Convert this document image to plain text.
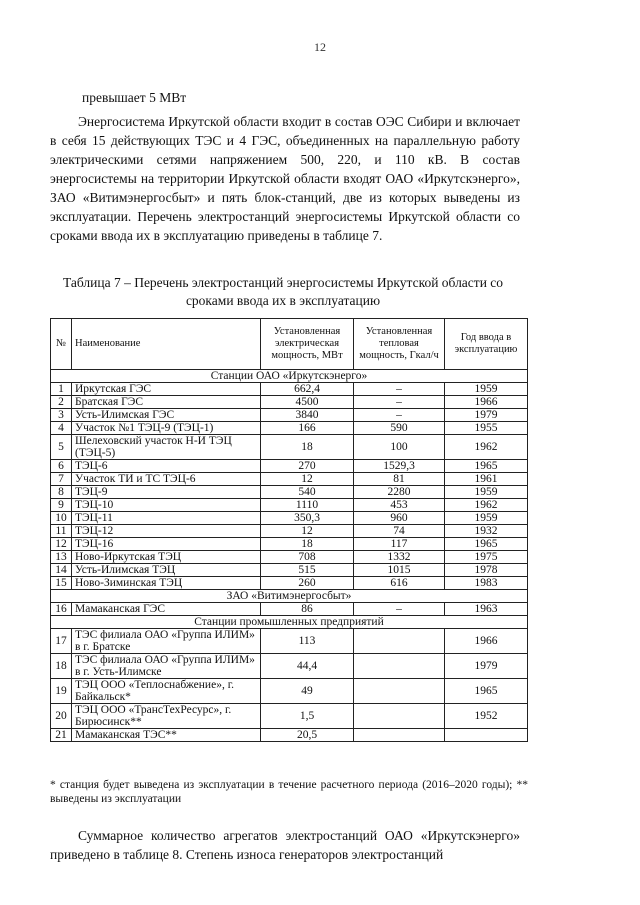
12

превышает 5 МВт

Энергосистема Иркутской области входит в состав ОЭС Сибири и включает в себя 15 действующих ТЭС и 4 ГЭС, объединенных на параллельную работу электрическими сетями напряжением 500, 220, и 110 кВ. В состав энергосистемы на территории Иркутской области входят ОАО «Иркутскэнерго», ЗАО «Витимэнергосбыт» и пять блок-станций, две из которых выведены из эксплуатации. Перечень электростанций энергосистемы Иркутской области со сроками ввода их в эксплуатацию приведены в таблице 7.

Таблица 7 – Перечень электростанций энергосистемы Иркутской области со сроками ввода их в эксплуатацию

№	Наименование	Установленная электрическая мощность, МВт	Установленная тепловая мощность, Гкал/ч	Год ввода в эксплуатацию
Станции ОАО «Иркутскэнерго»				
1	Иркутская ГЭС	662,4	–	1959
2	Братская ГЭС	4500	–	1966
3	Усть-Илимская ГЭС	3840	–	1979
4	Участок №1 ТЭЦ-9 (ТЭЦ-1)	166	590	1955
5	Шелеховский участок Н-И ТЭЦ (ТЭЦ-5)	18	100	1962
6	ТЭЦ-6	270	1529,3	1965
7	Участок ТИ и ТС ТЭЦ-6	12	81	1961
8	ТЭЦ-9	540	2280	1959
9	ТЭЦ-10	1110	453	1962
10	ТЭЦ-11	350,3	960	1959
11	ТЭЦ-12	12	74	1932
12	ТЭЦ-16	18	117	1965
13	Ново-Иркутская ТЭЦ	708	1332	1975
14	Усть-Илимская ТЭЦ	515	1015	1978
15	Ново-Зиминская ТЭЦ	260	616	1983
ЗАО «Витимэнергосбыт»				
16	Мамаканская ГЭС	86	–	1963
Станции промышленных предприятий				
17	ТЭС филиала ОАО «Группа ИЛИМ» в г. Братске	113		1966
18	ТЭС филиала ОАО «Группа ИЛИМ» в г. Усть-Илимске	44,4		1979
19	ТЭЦ ООО «Теплоснабжение», г. Байкальск*	49		1965
20	ТЭЦ ООО «ТрансТехРесурс», г. Бирюсинск**	1,5		1952
21	Мамаканская ТЭС**	20,5		

* станция будет выведена из эксплуатации в течение расчетного периода (2016–2020 годы); ** выведены из эксплуатации

Суммарное количество агрегатов электростанций ОАО «Иркутскэнерго» приведено в таблице 8. Степень износа генераторов электростанций
